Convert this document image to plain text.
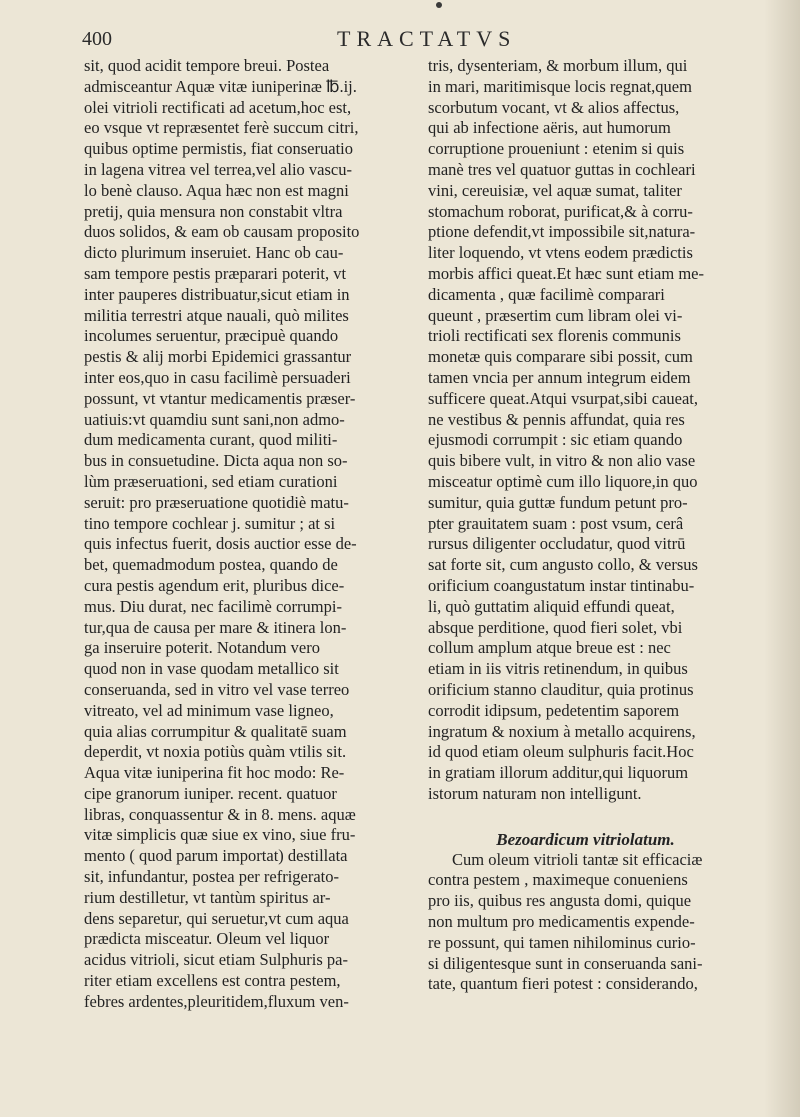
400	TRACTATVS
sit, quod acidit tempore breui. Postea
admisceantur Aquæ vitæ iuniperinæ ℔.ij.
olei vitrioli rectificati ad acetum,hoc est,
eo vsque vt repræsentet ferè succum citri,
quibus optime permistis, fiat conseruatio
in lagena vitrea vel terrea,vel alio vascu-
lo benè clauso. Aqua hæc non est magni
pretij, quia mensura non constabit vltra
duos solidos, & eam ob causam proposito
dicto plurimum inseruiet. Hanc ob cau-
sam tempore pestis præparari poterit, vt
inter pauperes distribuatur,sicut etiam in
militia terrestri atque nauali, quò milites
incolumes seruentur, præcipuè quando
pestis & alij morbi Epidemici grassantur
inter eos,quo in casu facilimè persuaderi
possunt, vt vtantur medicamentis præser-
uatiuis:vt quamdiu sunt sani,non admo-
dum medicamenta curant, quod militi-
bus in consuetudine. Dicta aqua non so-
lùm præseruationi, sed etiam curationi
seruit: pro præseruatione quotidiè matu-
tino tempore cochlear j. sumitur ; at si
quis infectus fuerit, dosis auctior esse de-
bet, quemadmodum postea, quando de
cura pestis agendum erit, pluribus dice-
mus. Diu durat, nec facilimè corrumpi-
tur,qua de causa per mare & itinera lon-
ga inseruire poterit. Notandum vero
quod non in vase quodam metallico sit
conseruanda, sed in vitro vel vase terreo
vitreato, vel ad minimum vase ligneo,
quia alias corrumpitur & qualitatē suam
deperdit, vt noxia potiùs quàm vtilis sit.
Aqua vitæ iuniperina fit hoc modo: Re-
cipe granorum iuniper. recent. quatuor
libras, conquassentur & in 8. mens. aquæ
vitæ simplicis quæ siue ex vino, siue fru-
mento ( quod parum importat) destillata
sit, infundantur, postea per refrigerato-
rium destilletur, vt tantùm spiritus ar-
dens separetur, qui seruetur,vt cum aqua
prædicta misceatur. Oleum vel liquor
acidus vitrioli, sicut etiam Sulphuris pa-
riter etiam excellens est contra pestem,
febres ardentes,pleuritidem,fluxum ven-
tris, dysenteriam, & morbum illum, qui
in mari, maritimisque locis regnat,quem
scorbutum vocant, vt & alios affectus,
qui ab infectione aëris, aut humorum
corruptione proueniunt : etenim si quis
manè tres vel quatuor guttas in cochleari
vini, cereuisiæ, vel aquæ sumat, taliter
stomachum roborat, purificat,& à corru-
ptione defendit,vt impossibile sit,natura-
liter loquendo, vt vtens eodem prædictis
morbis affici queat.Et hæc sunt etiam me-
dicamenta , quæ facilimè comparari
queunt , præsertim cum libram olei vi-
trioli rectificati sex florenis communis
monetæ quis comparare sibi possit, cum
tamen vncia per annum integrum eidem
sufficere queat.Atqui vsurpat,sibi caueat,
ne vestibus & pennis affundat, quia res
ejusmodi corrumpit : sic etiam quando
quis bibere vult, in vitro & non alio vase
misceatur optimè cum illo liquore,in quo
sumitur, quia guttæ fundum petunt pro-
pter grauitatem suam : post vsum, cerâ
rursus diligenter occludatur, quod vitrū
sat forte sit, cum angusto collo, & versus
orificium coangustatum instar tintinabu-
li, quò guttatim aliquid effundi queat,
absque perditione, quod fieri solet, vbi
collum amplum atque breue est : nec
etiam in iis vitris retinendum, in quibus
orificium stanno clauditur, quia protinus
corrodit idipsum, pedetentim saporem
ingratum & noxium à metallo acquirens,
id quod etiam oleum sulphuris facit.Hoc
in gratiam illorum additur,qui liquorum
istorum naturam non intelligunt.
Bezoardicum vitriolatum.
Cum oleum vitrioli tantæ sit efficaciæ
contra pestem , maximeque conueniens
pro iis, quibus res angusta domi, quique
non multum pro medicamentis expende-
re possunt, qui tamen nihilominus curio-
si diligentesque sunt in conseruanda sani-
tate, quantum fieri potest : considerando,
